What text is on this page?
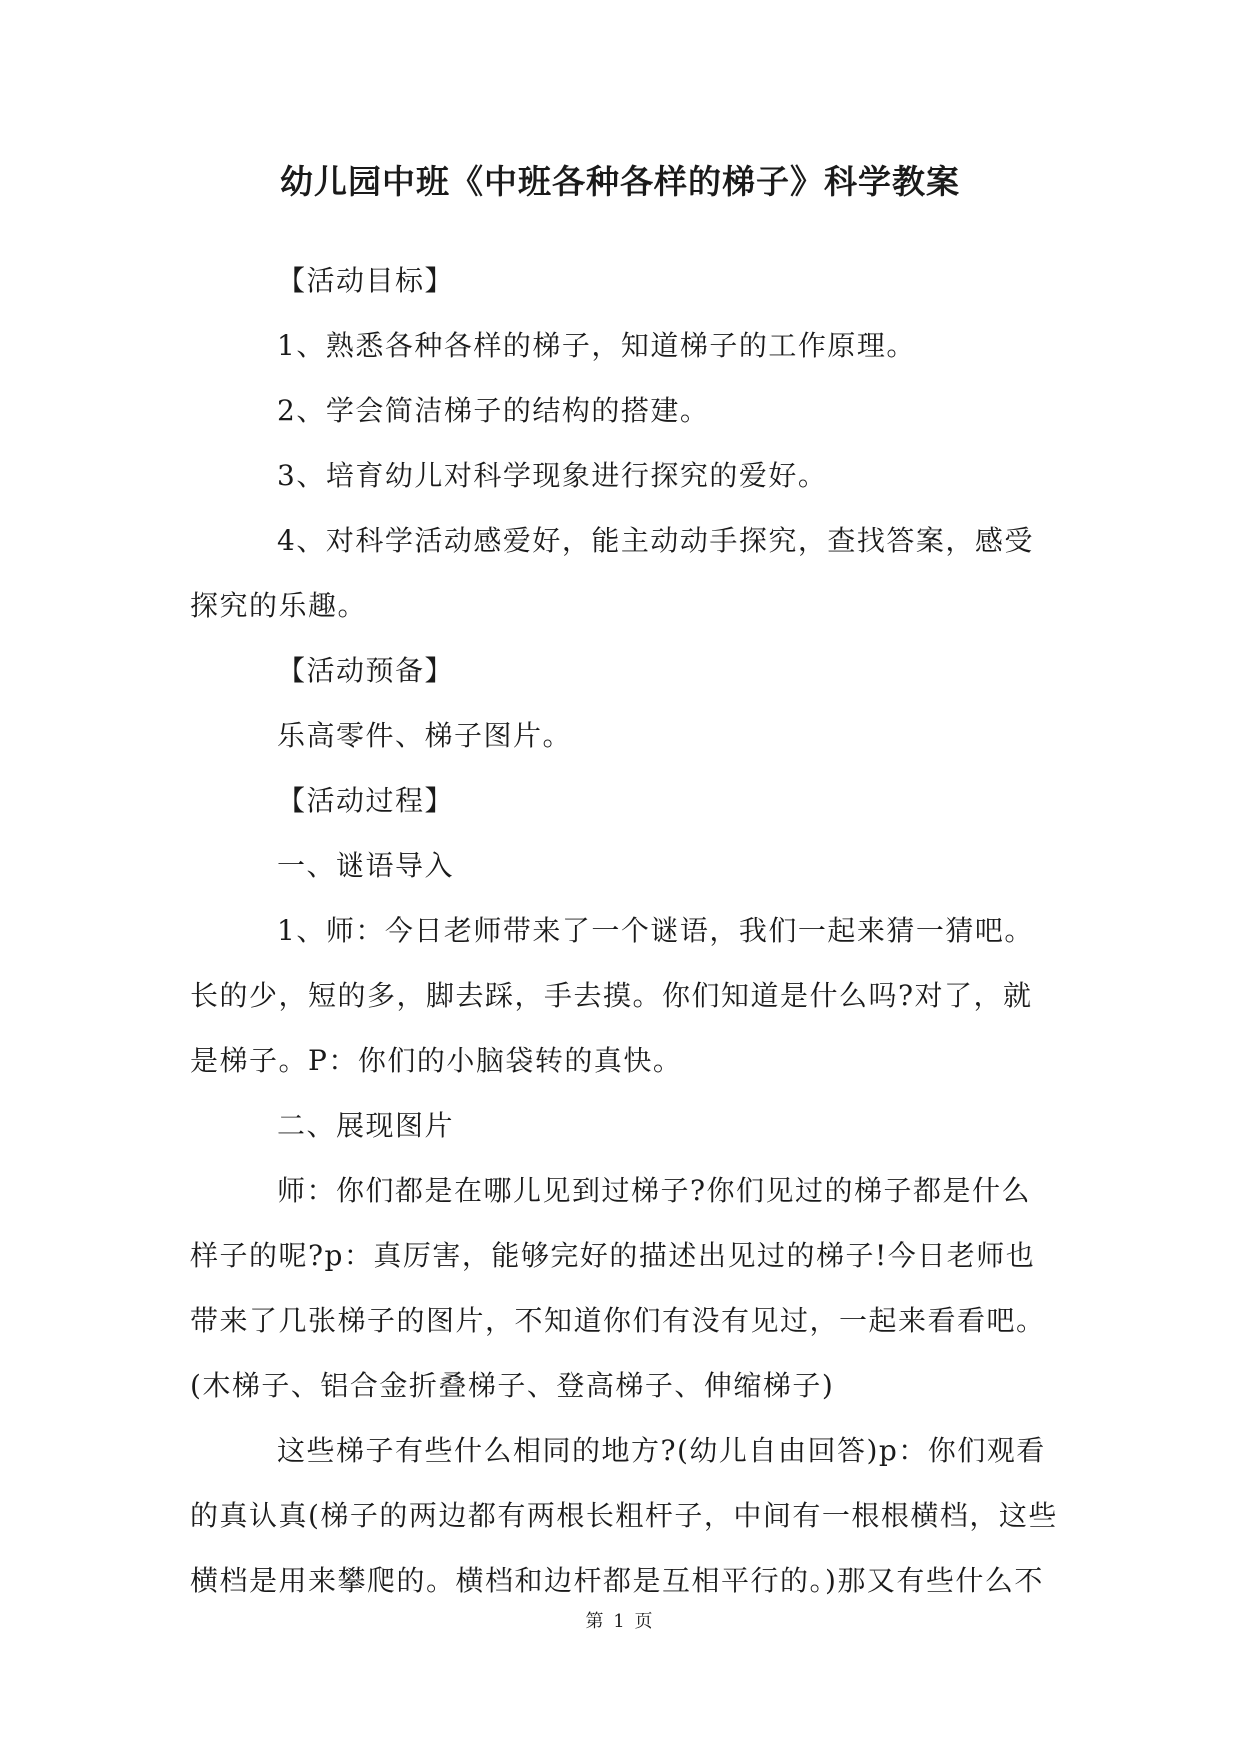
幼儿园中班《中班各种各样的梯子》科学教案

【活动目标】

1、熟悉各种各样的梯子，知道梯子的工作原理。

2、学会简洁梯子的结构的搭建。

3、培育幼儿对科学现象进行探究的爱好。

4、对科学活动感爱好，能主动动手探究，查找答案，感受探究的乐趣。

【活动预备】

乐高零件、梯子图片。

【活动过程】

一、谜语导入

1、师：今日老师带来了一个谜语，我们一起来猜一猜吧。长的少，短的多，脚去踩，手去摸。你们知道是什么吗?对了，就是梯子。P：你们的小脑袋转的真快。

二、展现图片

师：你们都是在哪儿见到过梯子?你们见过的梯子都是什么样子的呢?p：真厉害，能够完好的描述出见过的梯子!今日老师也带来了几张梯子的图片，不知道你们有没有见过，一起来看看吧。(木梯子、铝合金折叠梯子、登高梯子、伸缩梯子)

这些梯子有些什么相同的地方?(幼儿自由回答)p：你们观看的真认真(梯子的两边都有两根长粗杆子，中间有一根根横档，这些横档是用来攀爬的。横档和边杆都是互相平行的。)那又有些什么不

第 1 页
